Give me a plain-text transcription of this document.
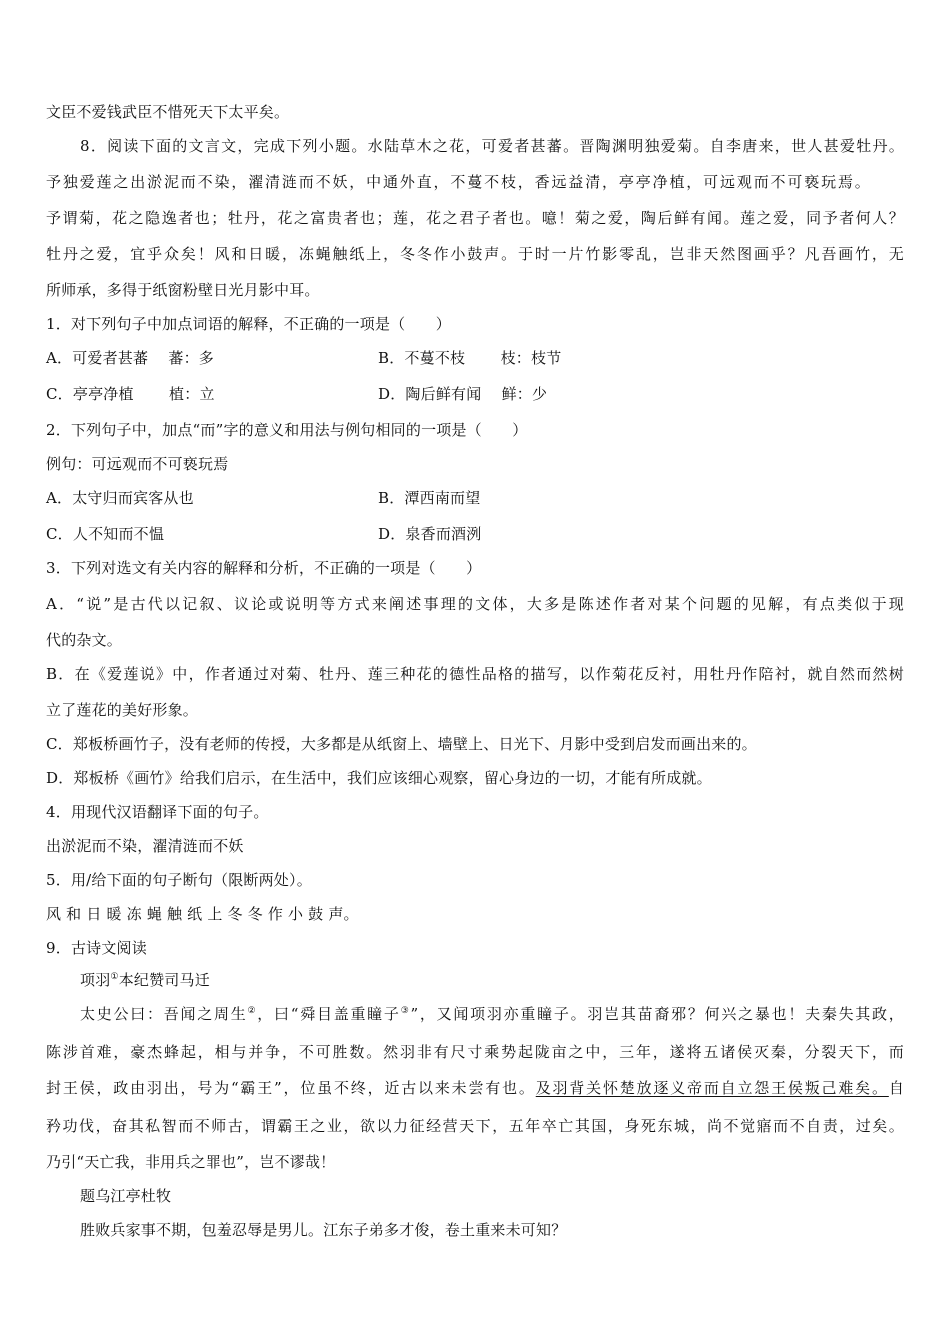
文臣不爱钱武臣不惜死天下太平矣。
8．阅读下面的文言文，完成下列小题。水陆草木之花，可爱者甚蕃。晋陶渊明独爱菊。自李唐来，世人甚爱牡丹。
予独爱莲之出淤泥而不染，濯清涟而不妖，中通外直，不蔓不枝，香远益清，亭亭净植，可远观而不可亵玩焉。
予谓菊，花之隐逸者也；牡丹，花之富贵者也；莲，花之君子者也。噫！菊之爱，陶后鲜有闻。莲之爱，同予者何人？
牡丹之爱，宜乎众矣！风和日暖，冻蝇触纸上，冬冬作小鼓声。于时一片竹影零乱，岂非天然图画乎？凡吾画竹，无
所师承，多得于纸窗粉壁日光月影中耳。
1．对下列句子中加点词语的解释，不正确的一项是（　　）
A．可爱者甚蕃　 蕃：多	B．不蔓不枝　　 枝：枝节
C．亭亭净植　　 植：立	D．陶后鲜有闻　 鲜：少
2．下列句子中，加点“而”字的意义和用法与例句相同的一项是（　　）
例句：可远观而不可亵玩焉
A．太守归而宾客从也	B．潭西南而望
C．人不知而不愠	D．泉香而酒洌
3．下列对选文有关内容的解释和分析，不正确的一项是（　　）
A．“说”是古代以记叙、议论或说明等方式来阐述事理的文体，大多是陈述作者对某个问题的见解，有点类似于现
代的杂文。
B．在《爱莲说》中，作者通过对菊、牡丹、莲三种花的德性品格的描写，以作菊花反衬，用牡丹作陪衬，就自然而然树
立了莲花的美好形象。
C．郑板桥画竹子，没有老师的传授，大多都是从纸窗上、墙壁上、日光下、月影中受到启发而画出来的。
D．郑板桥《画竹》给我们启示，在生活中，我们应该细心观察，留心身边的一切，才能有所成就。
4．用现代汉语翻译下面的句子。
出淤泥而不染，濯清涟而不妖
5．用/给下面的句子断句（限断两处）。
风 和 日 暖 冻 蝇 触 纸 上 冬 冬 作 小 鼓 声。
9．古诗文阅读
项羽①本纪赞司马迁
太史公曰：吾闻之周生②，曰“舜目盖重瞳子③”，又闻项羽亦重瞳子。羽岂其苗裔邪？何兴之暴也！夫秦失其政，
陈涉首难，豪杰蜂起，相与并争，不可胜数。然羽非有尺寸乘势起陇亩之中，三年，遂将五诸侯灭秦，分裂天下，而
封王侯，政由羽出，号为“霸王”，位虽不终，近古以来未尝有也。及羽背关怀楚放逐义帝而自立怨王侯叛己难矣。自
矜功伐，奋其私智而不师古，谓霸王之业，欲以力征经营天下，五年卒亡其国，身死东城，尚不觉寤而不自责，过矣。
乃引“天亡我，非用兵之罪也”，岂不谬哉！
题乌江亭杜牧
胜败兵家事不期，包羞忍辱是男儿。江东子弟多才俊，卷土重来未可知？
